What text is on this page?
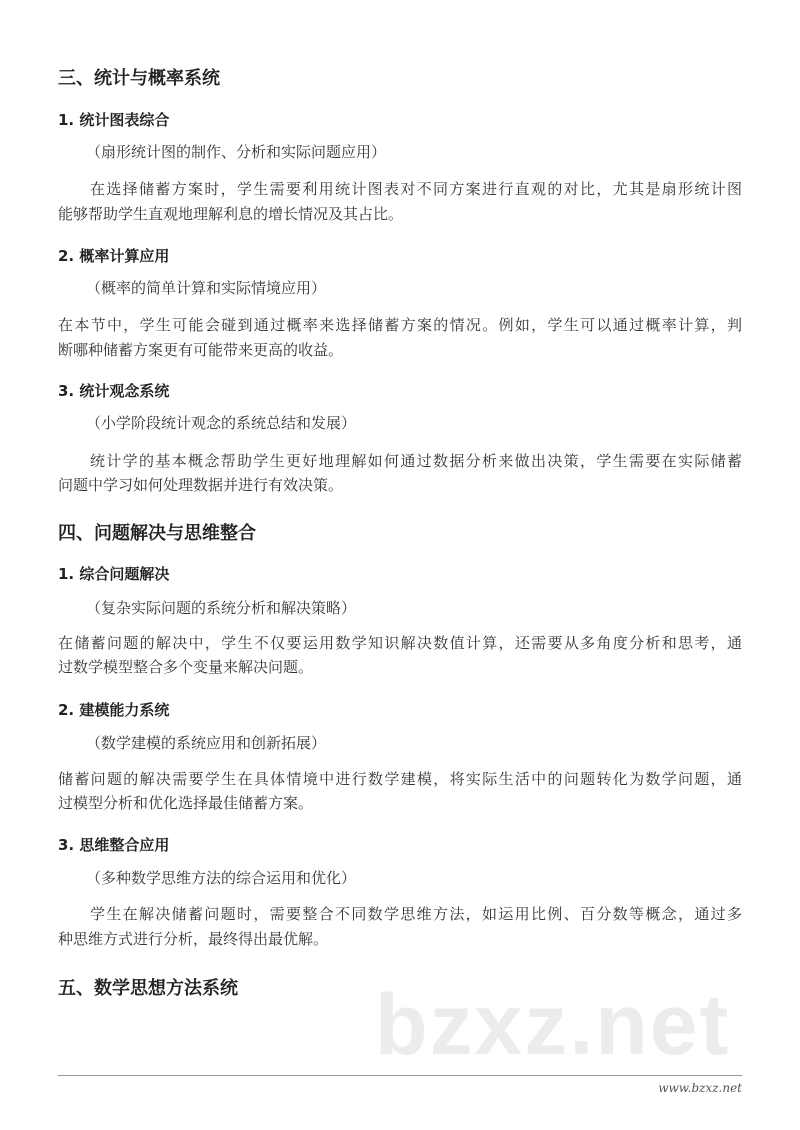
三、统计与概率系统
1. 统计图表综合
（扇形统计图的制作、分析和实际问题应用）
在选择储蓄方案时，学生需要利用统计图表对不同方案进行直观的对比，尤其是扇形统计图
能够帮助学生直观地理解利息的增长情况及其占比。
2. 概率计算应用
（概率的简单计算和实际情境应用）
在本节中，学生可能会碰到通过概率来选择储蓄方案的情况。例如，学生可以通过概率计算，判
断哪种储蓄方案更有可能带来更高的收益。
3. 统计观念系统
（小学阶段统计观念的系统总结和发展）
统计学的基本概念帮助学生更好地理解如何通过数据分析来做出决策，学生需要在实际储蓄
问题中学习如何处理数据并进行有效决策。
四、问题解决与思维整合
1. 综合问题解决
（复杂实际问题的系统分析和解决策略）
在储蓄问题的解决中，学生不仅要运用数学知识解决数值计算，还需要从多角度分析和思考，通
过数学模型整合多个变量来解决问题。
2. 建模能力系统
（数学建模的系统应用和创新拓展）
储蓄问题的解决需要学生在具体情境中进行数学建模，将实际生活中的问题转化为数学问题，通
过模型分析和优化选择最佳储蓄方案。
3. 思维整合应用
（多种数学思维方法的综合运用和优化）
学生在解决储蓄问题时，需要整合不同数学思维方法，如运用比例、百分数等概念，通过多
种思维方式进行分析，最终得出最优解。
五、数学思想方法系统 bzxz.net
www.bzxz.net
